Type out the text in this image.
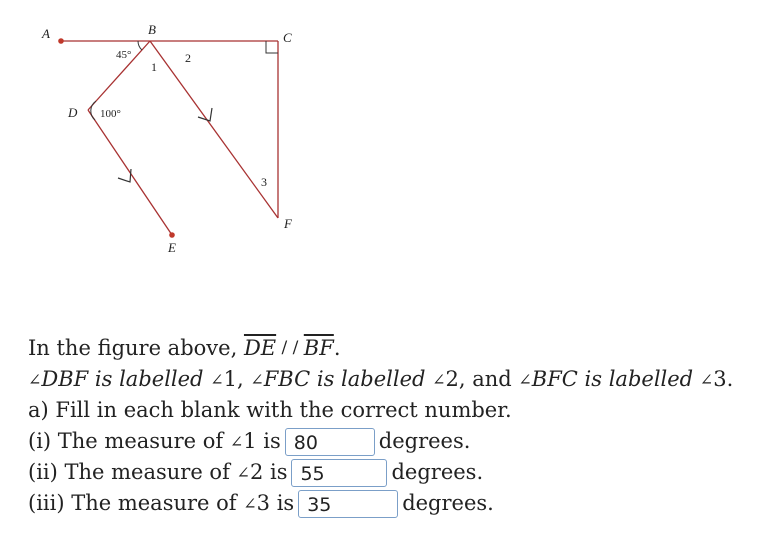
A	B
C
D
E
F
45°
100°
1
2
3
In the figure above,
$\overline{DE}$ / / $\overline{BF}$ .
∠ DBF is labelled ∠ 1, ∠ FBC is labelled ∠ 2, and ∠ BFC is labelled ∠ 3.
a) Fill in each blank with the correct number.
(i) The measure of ∠ 1 is 80	degrees.
(ii) The measure of ∠ 2 is 55	degrees.
(iii) The measure of ∠ 3 is 35	degrees.
